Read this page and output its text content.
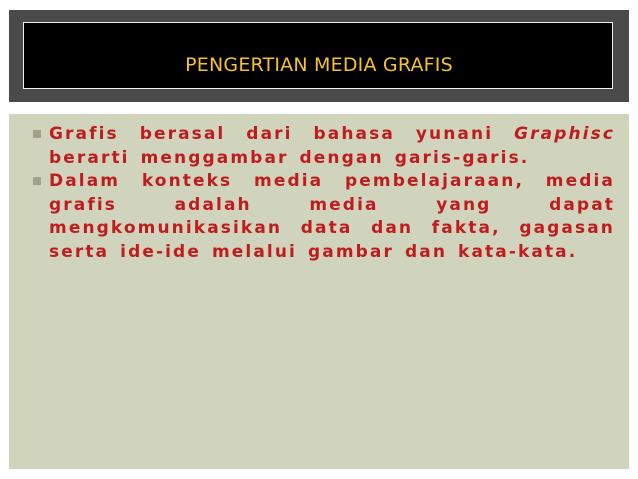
PENGERTIAN MEDIA GRAFIS
Grafis berasal dari bahasa yunani Graphisc berarti menggambar dengan garis-garis.
Dalam konteks media pembelajaraan, media grafis adalah media yang dapat mengkomunikasikan data dan fakta, gagasan serta ide-ide melalui gambar dan kata-kata.
